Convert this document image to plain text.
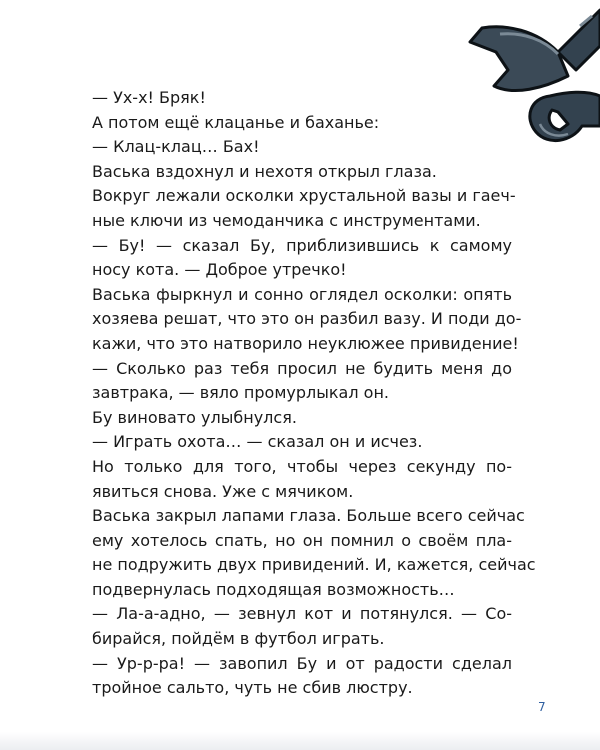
— Ух-х! Бряк!
А потом ещё клацанье и баханье:
— Клац-клац… Бах!
Васька вздохнул и нехотя открыл глаза.
Вокруг лежали осколки хрустальной вазы и гаеч-
ные ключи из чемоданчика с инструментами.
— Бу! — сказал Бу, приблизившись к самому
носу кота. — Доброе утречко!
Васька фыркнул и сонно оглядел осколки: опять
хозяева решат, что это он разбил вазу. И поди до-
кажи, что это натворило неуклюжее привидение!
— Сколько раз тебя просил не будить меня до
завтрака, — вяло промурлыкал он.
Бу виновато улыбнулся.
— Играть охота… — сказал он и исчез.
Но только для того, чтобы через секунду по-
явиться снова. Уже с мячиком.
Васька закрыл лапами глаза. Больше всего сейчас
ему хотелось спать, но он помнил о своём пла-
не подружить двух привидений. И, кажется, сейчас
подвернулась подходящая возможность…
— Ла-а-адно, — зевнул кот и потянулся. — Со-
бирайся, пойдём в футбол играть.
— Ур-р-ра! — завопил Бу и от радости сделал
тройное сальто, чуть не сбив люстру.
7
